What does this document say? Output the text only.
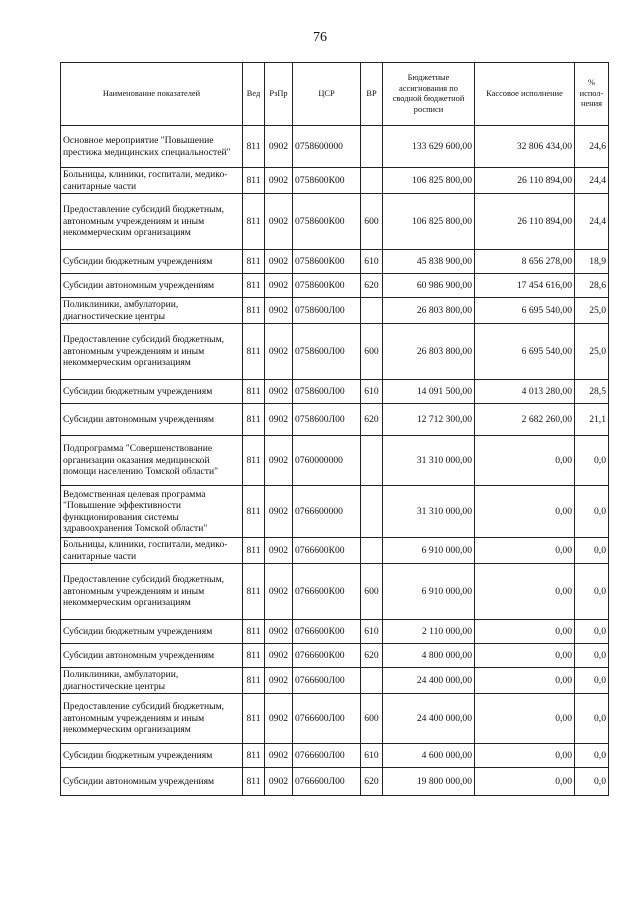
76
Наименование показателей	Вед	РзПр	ЦСР	ВР	Бюджетные ассигнования по сводной бюджетной росписи	Кассовое исполнение	% испол-нения
Основное мероприятие "Повышение престижа медицинских специальностей"	811	0902	0758600000		133 629 600,00	32 806 434,00	24,6
Больницы, клиники, госпитали, медико-санитарные части	811	0902	0758600К00		106 825 800,00	26 110 894,00	24,4
Предоставление субсидий бюджетным, автономным учреждениям и иным некоммерческим организациям	811	0902	0758600К00	600	106 825 800,00	26 110 894,00	24,4
Субсидии бюджетным учреждениям	811	0902	0758600К00	610	45 838 900,00	8 656 278,00	18,9
Субсидии автономным учреждениям	811	0902	0758600К00	620	60 986 900,00	17 454 616,00	28,6
Поликлиники, амбулатории, диагностические центры	811	0902	0758600Л00		26 803 800,00	6 695 540,00	25,0
Предоставление субсидий бюджетным, автономным учреждениям и иным некоммерческим организациям	811	0902	0758600Л00	600	26 803 800,00	6 695 540,00	25,0
Субсидии бюджетным учреждениям	811	0902	0758600Л00	610	14 091 500,00	4 013 280,00	28,5
Субсидии автономным учреждениям	811	0902	0758600Л00	620	12 712 300,00	2 682 260,00	21,1
Подпрограмма "Совершенствование организации оказания медицинской помощи населению Томской области"	811	0902	0760000000		31 310 000,00	0,00	0,0
Ведомственная целевая программа "Повышение эффективности функционирования системы здравоохранения Томской области"	811	0902	0766600000		31 310 000,00	0,00	0,0
Больницы, клиники, госпитали, медико-санитарные части	811	0902	0766600К00		6 910 000,00	0,00	0,0
Предоставление субсидий бюджетным, автономным учреждениям и иным некоммерческим организациям	811	0902	0766600К00	600	6 910 000,00	0,00	0,0
Субсидии бюджетным учреждениям	811	0902	0766600К00	610	2 110 000,00	0,00	0,0
Субсидии автономным учреждениям	811	0902	0766600К00	620	4 800 000,00	0,00	0,0
Поликлиники, амбулатории, диагностические центры	811	0902	0766600Л00		24 400 000,00	0,00	0,0
Предоставление субсидий бюджетным, автономным учреждениям и иным некоммерческим организациям	811	0902	0766600Л00	600	24 400 000,00	0,00	0,0
Субсидии бюджетным учреждениям	811	0902	0766600Л00	610	4 600 000,00	0,00	0,0
Субсидии автономным учреждениям	811	0902	0766600Л00	620	19 800 000,00	0,00	0,0
